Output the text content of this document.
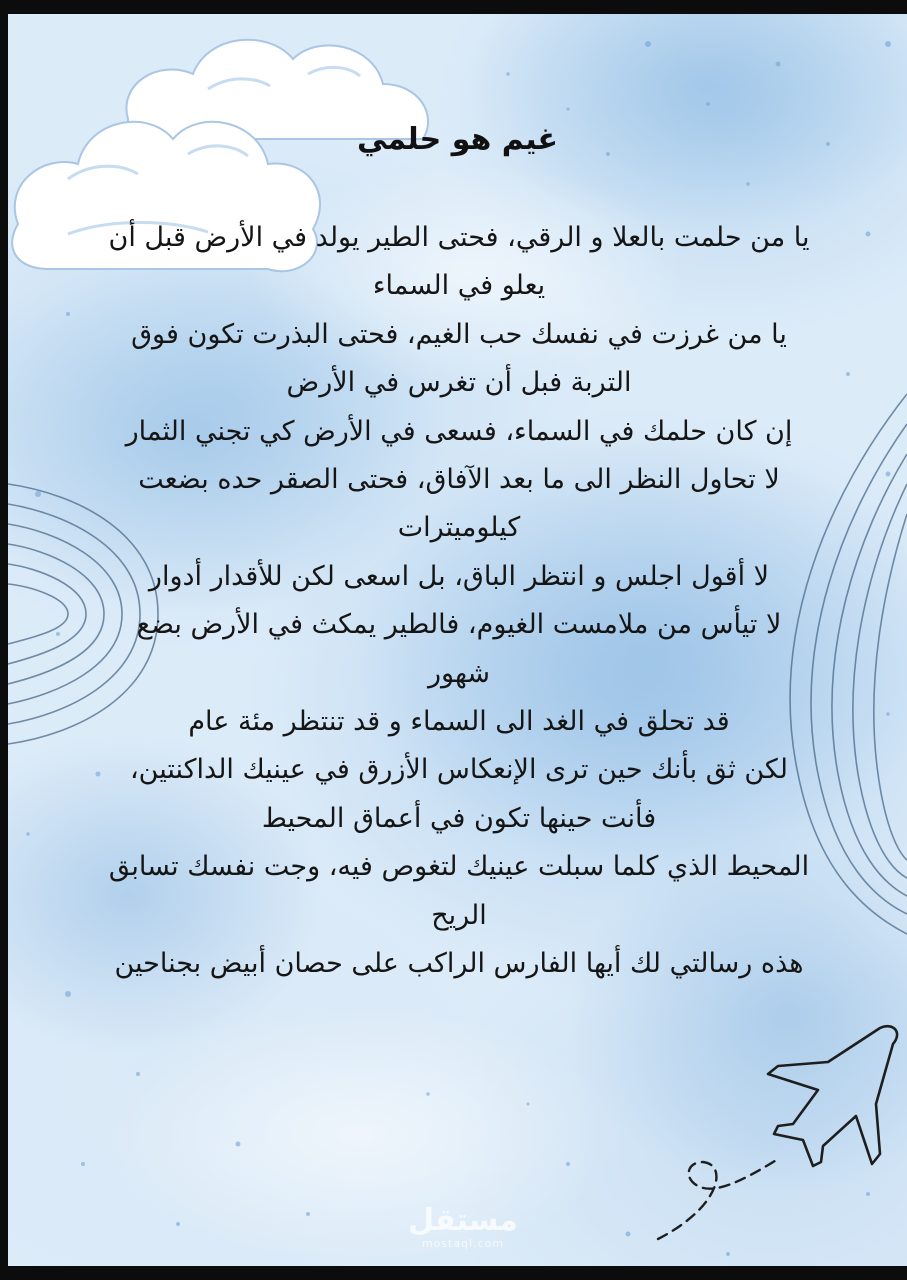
غيم هو حلمي

يا من حلمت بالعلا و الرقي، فحتى الطير يولد في الأرض قبل أن يعلو في السماء

يا من غرزت في نفسك حب الغيم، فحتى البذرت تكون فوق التربة فبل أن تغرس في الأرض

إن كان حلمك في السماء، فسعى في الأرض كي تجني الثمار

لا تحاول النظر الى ما بعد الآفاق، فحتى الصقر حده بضعت كيلوميترات

لا أقول اجلس و انتظر الباق، بل اسعى لكن للأقدار أدوار

لا تيأس من ملامست الغيوم، فالطير يمكث في الأرض بضع شهور

قد تحلق في الغد الى السماء و قد تنتظر مئة عام

لكن ثق بأنك حين ترى الإنعكاس الأزرق في عينيك الداكنتين، فأنت حينها تكون في أعماق المحيط

المحيط الذي كلما سبلت عينيك لتغوص فيه، وجت نفسك تسابق الريح

هذه رسالتي لك أيها الفارس الراكب على حصان أبيض بجناحين

مستقل
mostaql.com
